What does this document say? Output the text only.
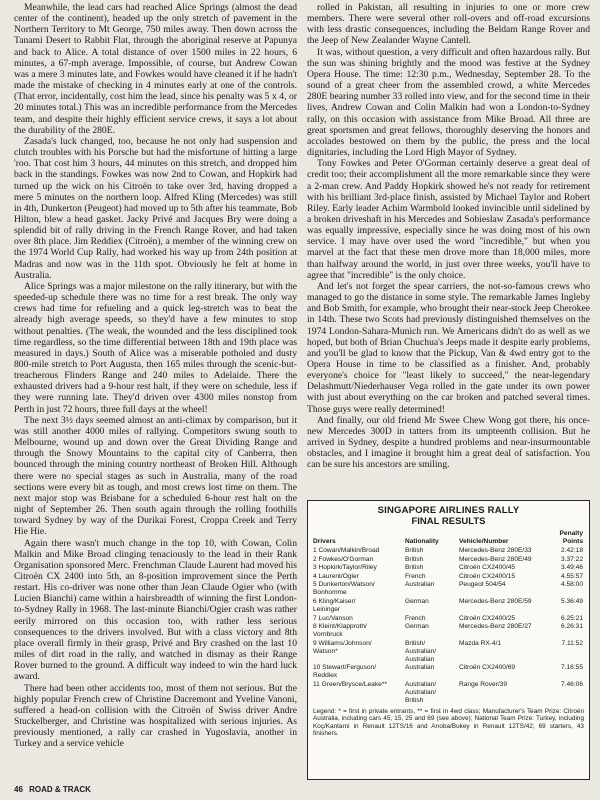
Meanwhile, the lead cars had reached Alice Springs (almost the dead center of the continent), headed up the only stretch of pavement in the Northern Territory to Mt George, 750 miles away. Then down across the Tanami Desert to Rabbit Flat, through the aboriginal reserve at Papunya and back to Alice. A total distance of over 1500 miles in 22 hours, 6 minutes, a 67-mph average. Impossible, of course, but Andrew Cowan was a mere 3 minutes late, and Fowkes would have cleaned it if he hadn't made the mistake of checking in 4 minutes early at one of the controls. (That error, incidentally, cost him the lead, since his penalty was 5 x 4, or 20 minutes total.) This was an incredible performance from the Mercedes team, and despite their highly efficient service crews, it says a lot about the durability of the 280E.

Zasada's luck changed, too, because he not only had suspension and clutch troubles with his Porsche but had the misfortune of hitting a large 'roo. That cost him 3 hours, 44 minutes on this stretch, and dropped him back in the standings. Fowkes was now 2nd to Cowan, and Hopkirk had turned up the wick on his Citroën to take over 3rd, having dropped a mere 5 minutes on the northern loop. Alfred Kling (Mercedes) was still in 4th, Dunkerton (Peugeot) had moved up to 5th after his teammate, Bob Hilton, blew a head gasket. Jacky Privé and Jacques Bry were doing a splendid bit of rally driving in the French Range Rover, and had taken over 8th place. Jim Reddiex (Citroën), a member of the winning crew on the 1974 World Cup Rally, had worked his way up from 24th position at Madras and now was in the 11th spot. Obviously he felt at home in Australia.

Alice Springs was a major milestone on the rally itinerary, but with the speeded-up schedule there was no time for a rest break. The only way crews had time for refueling and a quick leg-stretch was to beat the already high average speeds, so they'd have a few minutes to stop without penalties. (The weak, the wounded and the less disciplined took time regardless, so the time differential between 18th and 19th place was measured in days.) South of Alice was a miserable potholed and dusty 800-mile stretch to Port Augusta, then 165 miles through the scenic-but-treacherous Flinders Range and 240 miles to Adelaide. There the exhausted drivers had a 9-hour rest halt, if they were on schedule, less if they were running late. They'd driven over 4300 miles nonstop from Perth in just 72 hours, three full days at the wheel!

The next 3½ days seemed almost an anti-climax by comparison, but it was still another 4000 miles of rallying. Competitors swung south to Melbourne, wound up and down over the Great Dividing Range and through the Snowy Mountains to the capital city of Canberra, then bounced through the mining country northeast of Broken Hill. Although there were no special stages as such in Australia, many of the road sections were every bit as tough, and most crews lost time on them. The next major stop was Brisbane for a scheduled 6-hour rest halt on the night of September 26. Then south again through the rolling foothills toward Sydney by way of the Durikai Forest, Croppa Creek and Terry Hie Hie.

Again there wasn't much change in the top 10, with Cowan, Colin Malkin and Mike Broad clinging tenaciously to the lead in their Rank Organisation sponsored Merc. Frenchman Claude Laurent had moved his Citroën CX 2400 into 5th, an 8-position improvement since the Perth restart. His co-driver was none other than Jean Claude Ogier who (with Lucien Bianchi) came within a hairsbreadth of winning the first London-to-Sydney Rally in 1968. The last-minute Bianchi/Ogier crash was rather eerily mirrored on this occasion too, with rather less serious consequences to the drivers involved. But with a class victory and 8th place overall firmly in their grasp, Privé and Bry crashed on the last 10 miles of dirt road in the rally, and watched in dismay as their Range Rover burned to the ground. A difficult way indeed to win the hard luck award.

There had been other accidents too, most of them not serious. But the highly popular French crew of Christine Dacremont and Yveline Vanoni, suffered a head-on collision with the Citroën of Swiss driver Andre Stuckelberger, and Christine was hospitalized with serious injuries. As previously mentioned, a rally car crashed in Yugoslavia, another in Turkey and a service vehicle

rolled in Pakistan, all resulting in injuries to one or more crew members. There were several other roll-overs and off-road excursions with less drastic consequences, including the Beldam Range Rover and the Jeep of New Zealander Wayne Cantell.

It was, without question, a very difficult and often hazardous rally. But the sun was shining brightly and the mood was festive at the Sydney Opera House. The time: 12:30 p.m., Wednesday, September 28. To the sound of a great cheer from the assembled crowd, a white Mercedes 280E bearing number 33 rolled into view, and for the second time in their lives, Andrew Cowan and Colin Malkin had won a London-to-Sydney rally, on this occasion with assistance from Mike Broad. All three are great sportsmen and great fellows, thoroughly deserving the honors and accolades bestowed on them by the public, the press and the local dignitaries, including the Lord High Mayor of Sydney.

Tony Fowkes and Peter O'Gorman certainly deserve a great deal of credit too; their accomplishment all the more remarkable since they were a 2-man crew. And Paddy Hopkirk showed he's not ready for retirement with his brilliant 3rd-place finish, assisted by Michael Taylor and Robert Riley. Early leader Achim Warmbold looked invincible until sidelined by a broken driveshaft in his Mercedes and Sobieslaw Zasada's performance was equally impressive, especially since he was doing most of his own service. I may have over used the word "incredible," but when you marvel at the fact that these men drove more than 18,000 miles, more than halfway around the world, in just over three weeks, you'll have to agree that "incredible" is the only choice.

And let's not forget the spear carriers, the not-so-famous crews who managed to go the distance in some style. The remarkable James Ingleby and Bob Smith, for example, who brought their near-stock Jeep Cherokee in 14th. These two Scots had previously distinguished themselves on the 1974 London-Sahara-Munich run. We Americans didn't do as well as we hoped, but both of Brian Chuchua's Jeeps made it despite early problems, and you'll be glad to know that the Pickup, Van & 4wd entry got to the Opera House in time to be classified as a finisher. And, probably everyone's choice for "least likely to succeed," the near-legendary Delashmutt/Niederhauser Vega rolled in the gate under its own power with just about everything on the car broken and patched several times. Those guys were really determined!

And finally, our old friend Mr Swee Chew Wong got there, his once-new Mercedes 300D in tatters from its umpteenth collision. But he arrived in Sydney, despite a hundred problems and near-insurmountable obstacles, and I imagine it brought him a great deal of satisfaction. You can be sure his ancestors are smiling.

SINGAPORE AIRLINES RALLY
FINAL RESULTS
Drivers	Nationality	Vehicle/Number	Penalty
Points
1 Cowan/Malkin/Broad	British	Mercedes-Benz 280E/33	2.42:18
2 Fowkes/O'Gorman	British	Mercedes-Benz 280E/49	3.37:22
3 Hopkirk/Taylor/Riley	British	Citroën CX2400/45	3.49:46
4 Laurent/Ogier	French	Citroën CX2400/15	4.55:57
5 Dunkerton/Watson/
Bonhomme	Australian	Peugeot 504/54	4.58:00
6 Kling/Kaiser/
Leininger	German	Mercedes-Benz 280E/59	5.36:49
7 Luc/Vanson	French	Citroën CX2400/25	6.25:21
8 Kleint/Klapproth/
Vornbruck	German	Mercedes-Benz 280E/27	6.26:31
9 Williams/Johnson/
Watson*	British/
Australian/
Australian	Mazda RX-4/1	7.11:52
10 Stewart/Ferguson/
Reddiex	Australian	Citroën CX2400/69	7.16:55
11 Green/Brysce/Leake**	Australian/
Australian/
British	Range Rover/39	7.46:06
Legend: * = first in private entrants, ** = first in 4wd class; Manufacturer's Team Prize: Citroën Australia, including cars 45, 15, 25 and 69 (see above); National Team Prize: Turkey, including Koç/Kantarni in Renault 12TS/16 and Arıoba/Bukey in Renault 12TS/42; 69 starters, 43 finishers.
46 ROAD & TRACK
